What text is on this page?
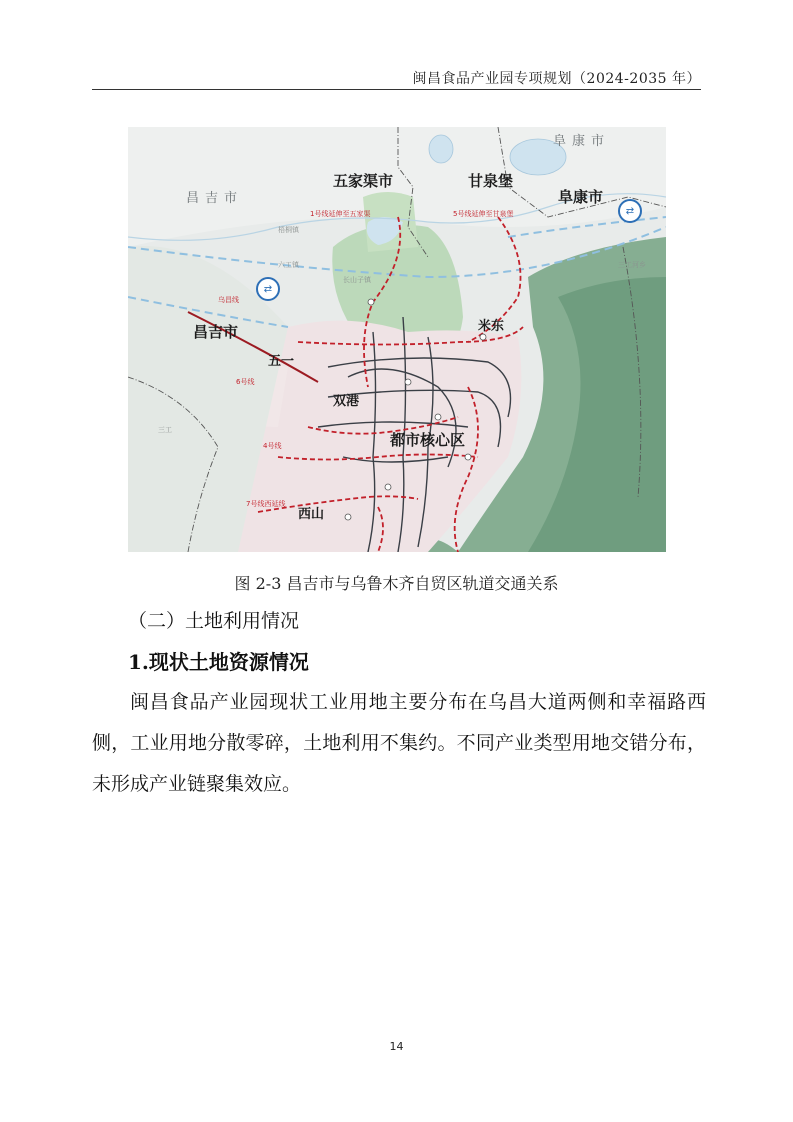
闽昌食品产业园专项规划（2024-2035 年）
昌吉市
阜康市
五家渠市	甘泉堡
阜康市
昌吉市	米东
五一
双港
都市核心区
西山
1号线延伸至五家渠	5号线延伸至甘泉堡
乌昌线
6号线
4号线
7号线西延线
梧桐镇
六工镇
三工
长山子镇
三工河乡
⇄
⇄
图 2-3 昌吉市与乌鲁木齐自贸区轨道交通关系
（二）土地利用情况
1.现状土地资源情况

闽昌食品产业园现状工业用地主要分布在乌昌大道两侧和幸福路西侧，工业用地分散零碎，土地利用不集约。不同产业类型用地交错分布，未形成产业链聚集效应。

14
